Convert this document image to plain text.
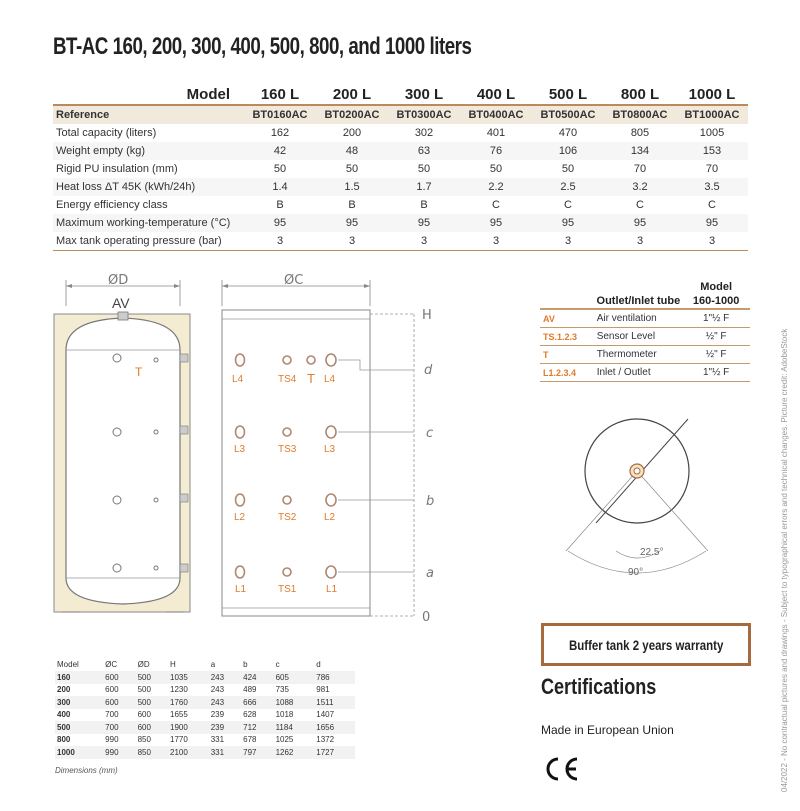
BT-AC 160, 200, 300, 400, 500, 800, and 1000 liters
Model	160 L	200 L	300 L	400 L	500 L	800 L	1000 L
Reference	BT0160AC	BT0200AC	BT0300AC	BT0400AC	BT0500AC	BT0800AC	BT1000AC
Total capacity (liters)	162	200	302	401	470	805	1005
Weight empty (kg)	42	48	63	76	106	134	153
Rigid PU insulation (mm)	50	50	50	50	50	70	70
Heat loss ΔT 45K (kWh/24h)	1.4	1.5	1.7	2.2	2.5	3.2	3.5
Energy efficiency class	B	B	B	C	C	C	C
Maximum working-temperature (°C)	95	95	95	95	95	95	95
Max tank operating pressure (bar)	3	3	3	3	3	3	3
ØD
AV
T
L4
L3
L2
L1
TS4
TS3
TS2
TS1
L4
L3
L2
L1
T
ØC
H
d
c
b
a
0
		Model
Outlet/Inlet tube		160-1000
AV	Air ventilation	1"½ F
TS.1.2.3	Sensor Level	½" F
T	Thermometer	½" F
L1.2.3.4	Inlet / Outlet	1"½ F
22.5°
90°
Model	ØC	ØD	H	a	b	c	d
160	600	500	1035	243	424	605	786
200	600	500	1230	243	489	735	981
300	600	500	1760	243	666	1088	1511
400	700	600	1655	239	628	1018	1407
500	700	600	1900	239	712	1184	1656
800	990	850	1770	331	678	1025	1372
1000	990	850	2100	331	797	1262	1727
Dimensions (mm)
Buffer tank 2 years warranty
Certifications
Made in European Union	04/2022 - No contractual pictures and drawings - Subject to typographical errors and technical changes. Picture credit: AdobeStock
